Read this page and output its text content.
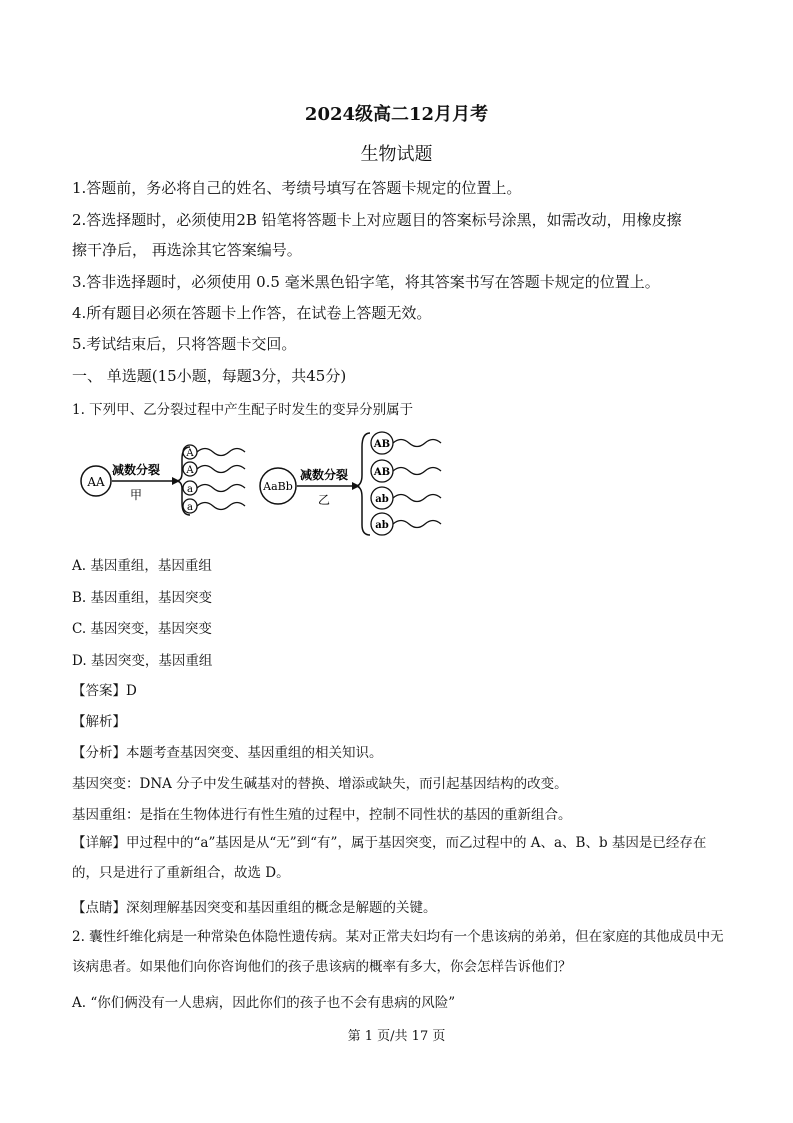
2024级高二12月月考
生物试题
1.答题前，务必将自己的姓名、考绩号填写在答题卡规定的位置上。
2.答选择题时，必须使用2B 铅笔将答题卡上对应题目的答案标号涂黑，如需改动，用橡皮擦
擦干净后， 再选涂其它答案编号。
3.答非选择题时，必须使用 0.5 毫米黑色铅字笔，将其答案书写在答题卡规定的位置上。
4.所有题目必须在答题卡上作答，在试卷上答题无效。
5.考试结束后，只将答题卡交回。
一、 单选题(15小题，每题3分，共45分)
1. 下列甲、乙分裂过程中产生配子时发生的变异分别属于
AA
减数分裂
甲
A
A
a
a
AaBb
减数分裂
乙
AB
AB
ab
ab
A. 基因重组，基因重组
B. 基因重组，基因突变
C. 基因突变，基因突变
D. 基因突变，基因重组
【答案】D
【解析】
【分析】本题考查基因突变、基因重组的相关知识。
基因突变：DNA 分子中发生碱基对的替换、增添或缺失，而引起基因结构的改变。
基因重组：是指在生物体进行有性生殖的过程中，控制不同性状的基因的重新组合。
【详解】甲过程中的“a”基因是从“无”到“有”，属于基因突变，而乙过程中的 A、a、B、b 基因是已经存在的，只是进行了重新组合，故选 D。
【点睛】深刻理解基因突变和基因重组的概念是解题的关键。
2. 囊性纤维化病是一种常染色体隐性遗传病。某对正常夫妇均有一个患该病的弟弟，但在家庭的其他成员中无该病患者。如果他们向你咨询他们的孩子患该病的概率有多大，你会怎样告诉他们？
A. “你们俩没有一人患病，因此你们的孩子也不会有患病的风险”
第 1 页/共 17 页
